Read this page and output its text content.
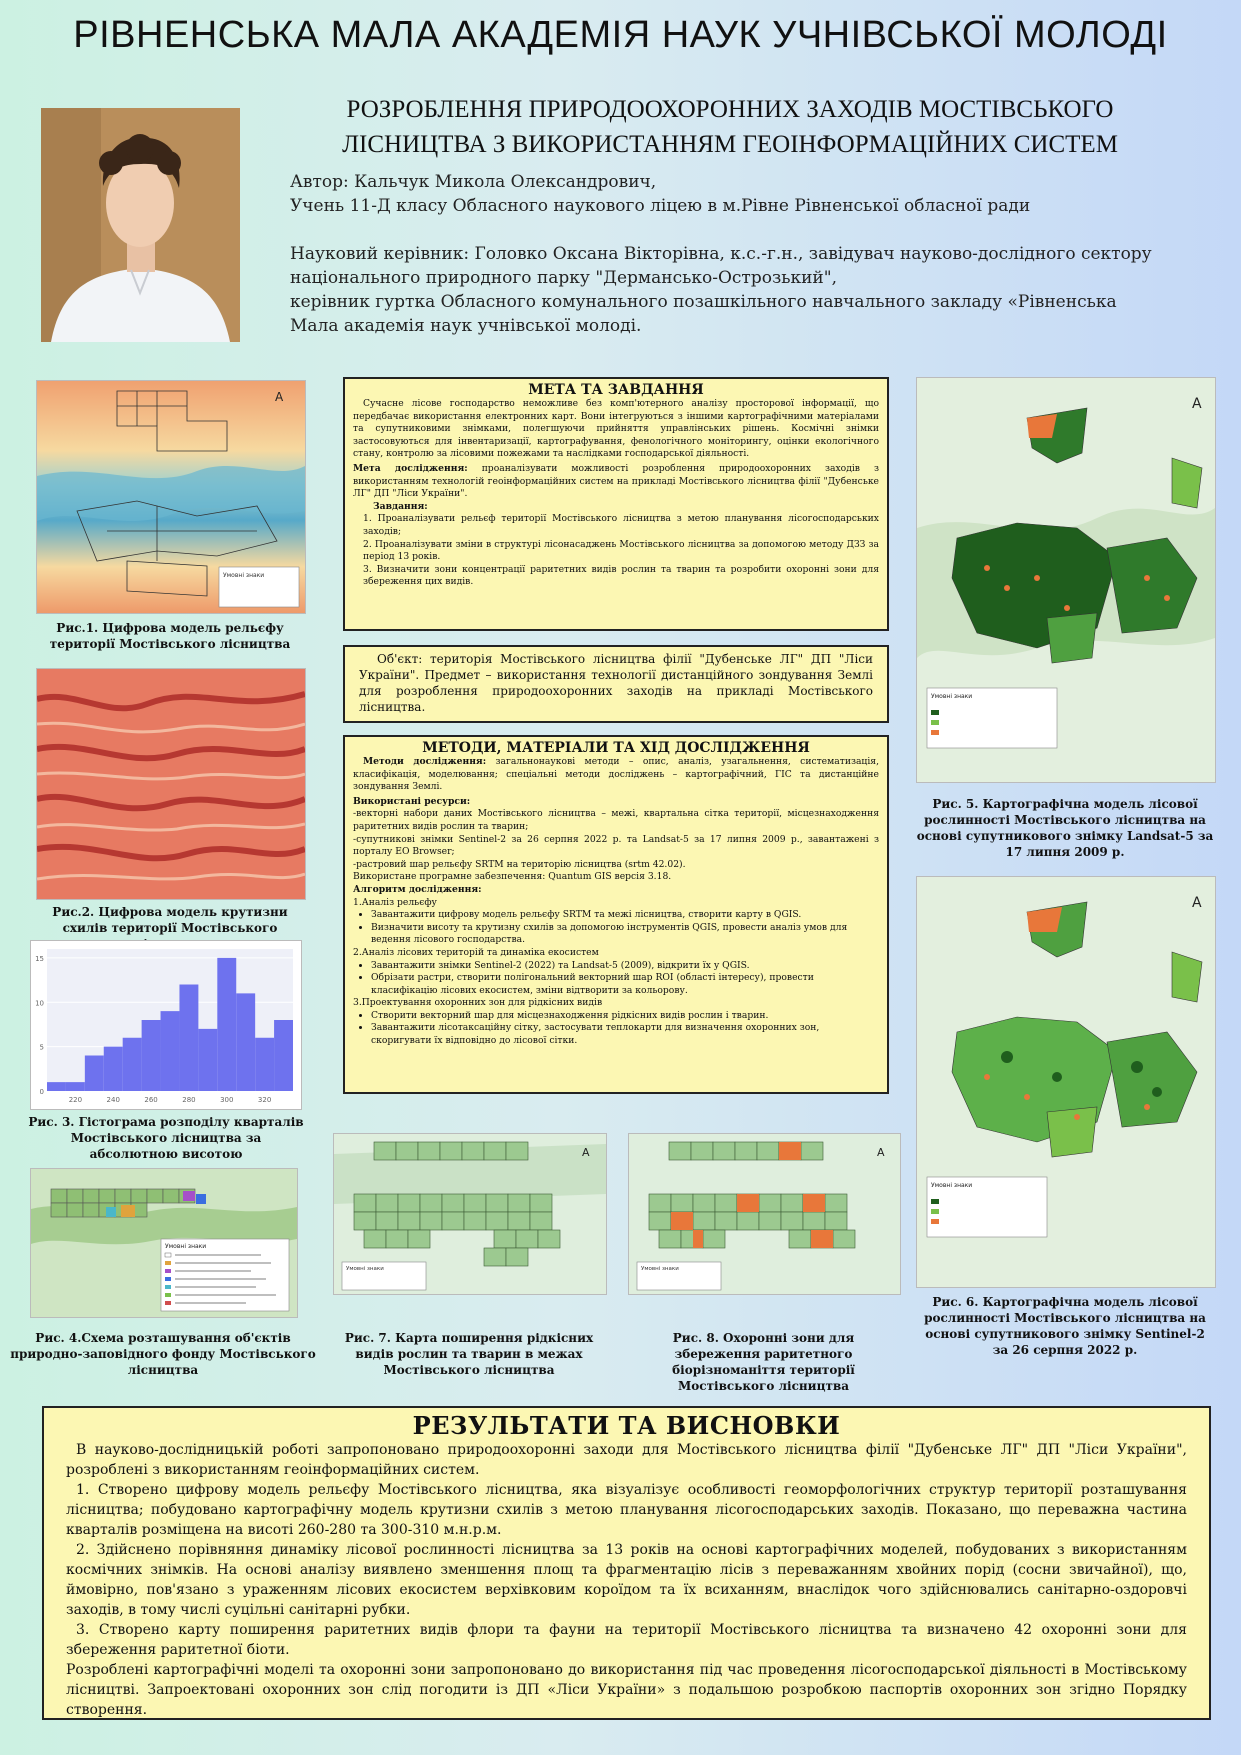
РІВНЕНСЬКА МАЛА АКАДЕМІЯ НАУК УЧНІВСЬКОЇ МОЛОДІ
РОЗРОБЛЕННЯ ПРИРОДООХОРОННИХ ЗАХОДІВ МОСТІВСЬКОГО
ЛІСНИЦТВА З ВИКОРИСТАННЯМ ГЕОІНФОРМАЦІЙНИХ СИСТЕМ
Автор: Кальчук Микола Олександрович,
Учень 11-Д класу Обласного наукового ліцею в м.Рівне Рівненської обласної ради
Науковий керівник: Головко Оксана Вікторівна, к.с.-г.н., завідувач науково-дослідного сектору
національного природного парку "Дерманськo-Острозький",
керівник гуртка Обласного комунального позашкільного навчального закладу «Рівненська
Мала академія наук учнівської молоді.
Умовні знаки
A
Рис.1. Цифрова модель рельєфу території Мостівського лісництва
Рис.2. Цифрова модель крутизни схилів території Мостівського
0
5
10
15
220	240	260	280	300	320
Рис. 3. Гістограма розподілу кварталів Мостівського лісництва за абсолютною висотою
Умовні знаки
Рис. 4.Схема розташування об'єктів природно-заповідного фонду Мостівського лісництва
МЕТА ТА ЗАВДАННЯ

Сучасне лісове господарство неможливе без комп'ютерного аналізу просторової інформації, що передбачає використання електронних карт. Вони інтегруються з іншими картографічними матеріалами та супутниковими знімками, полегшуючи прийняття управлінських рішень. Космічні знімки застосовуються для інвентаризації, картографування, фенологічного моніторингу, оцінки екологічного стану, контролю за лісовими пожежами та наслідками господарської діяльності.

Мета дослідження: проаналізувати можливості розроблення природоохоронних заходів з використанням технологій геоінформаційних систем на прикладі Мостівського лісництва філії "Дубенське ЛГ" ДП "Ліси України".

Завдання:

1. Проаналізувати рельєф території Мостівського лісництва з метою планування лісогосподарських заходів;

2. Проаналізувати зміни в структурі лісонасаджень Мостівського лісництва за допомогою методу ДЗЗ за період 13 років.

3. Визначити зони концентрації раритетних видів рослин та тварин та розробити охоронні зони для збереження цих видів.

Об'єкт: територія Мостівського лісництва філії "Дубенське ЛГ" ДП "Ліси України". Предмет – використання технології дистанційного зондування Землі для розроблення природоохоронних заходів на прикладі Мостівського лісництва.

МЕТОДИ, МАТЕРІАЛИ ТА ХІД ДОСЛІДЖЕННЯ

Методи дослідження: загальнонаукові методи – опис, аналіз, узагальнення, систематизація, класифікація, моделювання; спеціальні методи досліджень – картографічний, ГІС та дистанційне зондування Землі.

Використані ресурси:

-векторні набори даних Мостівського лісництва – межі, квартальна сітка території, місцезнаходження раритетних видів рослин та тварин;

-супутникові знімки Sentinel-2 за 26 серпня 2022 р. та Landsat-5 за 17 липня 2009 р., завантажені з порталу EO Browser;

-растровий шар рельєфу SRTM на територію лісництва (srtm 42.02).

Використане програмне забезпечення: Quantum GIS версія 3.18.

Алгоритм дослідження:

1.Аналіз рельєфу

• Завантажити цифрову модель рельєфу SRTM та межі лісництва, створити карту в QGIS.
• Визначити висоту та крутизну схилів за допомогою інструментів QGIS, провести аналіз умов для ведення лісового господарства.

2.Аналіз лісових територій та динаміка екосистем

• Завантажити знімки Sentinel-2 (2022) та Landsat-5 (2009), відкрити їх у QGIS.
• Обрізати растри, створити полігональний векторний шар ROI (області інтересу), провести класифікацію лісових екосистем, зміни відтворити за кольорову.

3.Проектування охоронних зон для рідкісних видів

• Створити векторний шар для місцезнаходження рідкісних видів рослин і тварин.
• Завантажити лісотаксаційну сітку, застосувати теплокарти для визначення охоронних зон, скоригувати їх відповідно до лісової сітки.
A
Умовні знаки
Рис. 7. Карта поширення рідкісних видів рослин та тварин в межах Мостівського лісництва
A
Умовні знаки
Рис. 8. Охоронні зони для збереження раритетного біорізноманіття території Мостівського лісництва
A
Умовні знаки
Рис. 5. Картографічна модель лісової рослинності Мостівського лісництва на основі супутникового знімку Landsat-5 за 17 липня 2009 р.
A
Умовні знаки
Рис. 6. Картографічна модель лісової рослинності Мостівського лісництва на основі супутникового знімку Sentinel-2 за 26 серпня 2022 р.
РЕЗУЛЬТАТИ ТА ВИСНОВКИ

В науково-дослідницькій роботі запропоновано природоохоронні заходи для Мостівського лісництва філії "Дубенське ЛГ" ДП "Ліси України", розроблені з використанням геоінформаційних систем.

1. Створено цифрову модель рельєфу Мостівського лісництва, яка візуалізує особливості геоморфологічних структур території розташування лісництва; побудовано картографічну модель крутизни схилів з метою планування лісогосподарських заходів. Показано, що переважна частина кварталів розміщена на висоті 260-280 та 300-310 м.н.р.м.

2. Здійснено порівняння динаміку лісової рослинності лісництва за 13 років на основі картографічних моделей, побудованих з використанням космічних знімків. На основі аналізу виявлено зменшення площ та фрагментацію лісів з переважанням хвойних порід (сосни звичайної), що, ймовірно, пов'язано з ураженням лісових екосистем верхівковим короїдом та їх всиханням, внаслідок чого здійснювались санітарно-оздоровчі заходів, в тому числі суцільні санітарні рубки.

3. Створено карту поширення раритетних видів флори та фауни на території Мостівського лісництва та визначено 42 охоронні зони для збереження раритетної біоти.

Розроблені картографічні моделі та охоронні зони запропоновано до використання під час проведення лісогосподарської діяльності в Мостівському лісництві. Запроектовані охоронних зон слід погодити із ДП «Ліси України» з подальшою розробкою паспортів охоронних зон згідно Порядку створення.
